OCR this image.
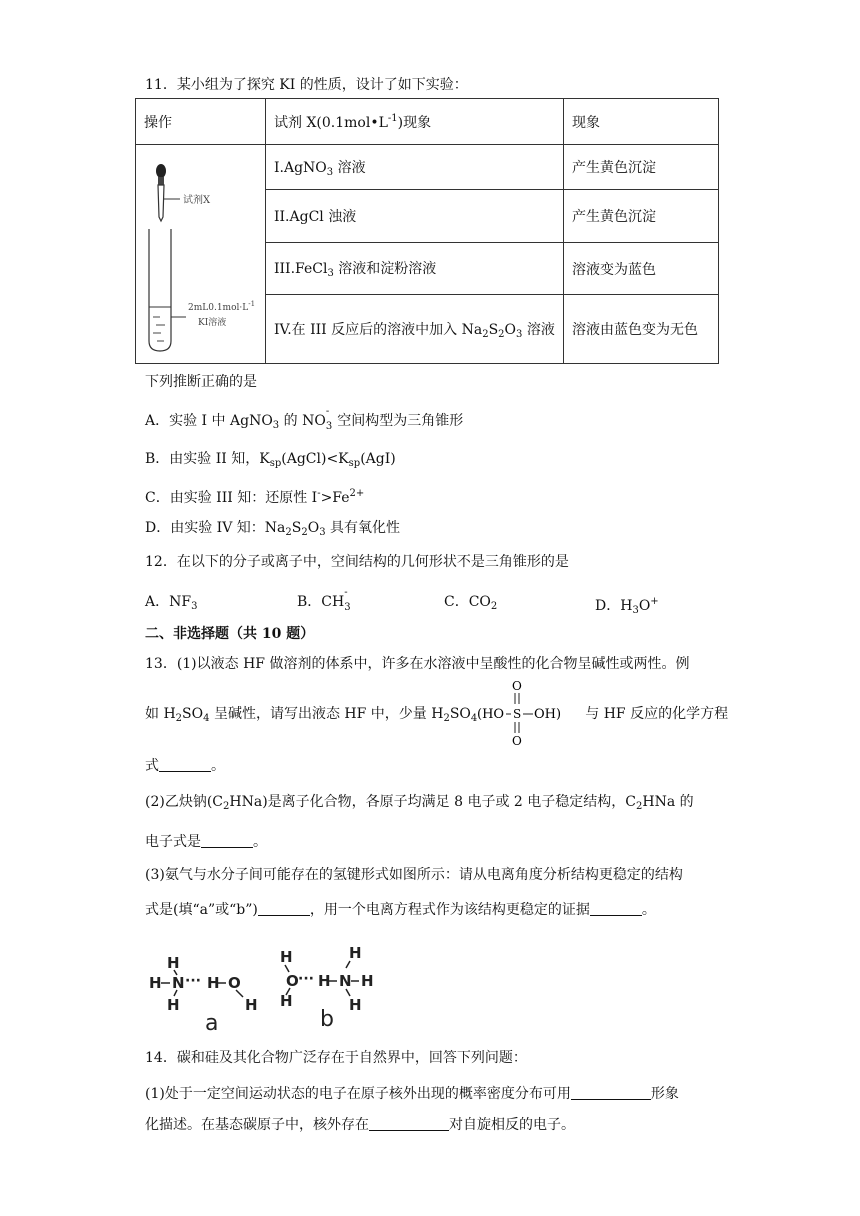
11．某小组为了探究 KI 的性质，设计了如下实验：
操作	试剂 $X(0.1mol•L^{-1})$现象	现象

试剂X
$2mL0.1mol\cdot L^{-1}$
KI溶液	I.AgNO$_3$ 溶液	产生黄色沉淀
	II.AgCl 浊液	产生黄色沉淀
	III.FeCl$_3$ 溶液和淀粉溶液	溶液变为蓝色
	IV.在 III 反应后的溶液中加入 $Na_2S_2O_3$ 溶液	溶液由蓝色变为无色
下列推断正确的是
A．实验 I 中 AgNO$_3$ 的 NO
-
3 空间构型为三角锥形
B．由实验 II 知，$K_{sp}(AgCl)<K_{sp}(AgI)$
C．由实验 III 知：还原性 $I^->Fe^{2+}$
D．由实验 IV 知：$Na_2S_2O_3$ 具有氧化性
12．在以下的分子或离子中，空间结构的几何形状不是三角锥形的是
A．$NF_3$	B．CH
-
3	C．$CO_2$	D．$H_3O^+$
二、非选择题（共 10 题）
13．(1)以液态 HF 做溶剂的体系中，许多在水溶液中呈酸性的化合物呈碱性或两性。例
如 $H_2SO_4$ 呈碱性，请写出液态 HF 中，少量 $H_2SO_4$
O
(HO S OH)
O
与 HF 反应的化学方程
式	。
(2)乙炔钠$(C_2HNa)$是离子化合物，各原子均满足 8 电子或 2 电子稳定结构，$C_2HNa$ 的
电子式是	。
(3)氨气与水分子间可能存在的氢键形式如图所示：请从电离角度分析结构更稳定的结构
式是(填“a”或“b”)	，用一个电离方程式作为该结构更稳定的证据	。
H
H N
H
··· H O
H
a
H
O
H
··· H N
H
H
H
b
14．碳和硅及其化合物广泛存在于自然界中，回答下列问题：
(1)处于一定空间运动状态的电子在原子核外出现的概率密度分布可用	形象
化描述。在基态碳原子中，核外存在	对自旋相反的电子。
